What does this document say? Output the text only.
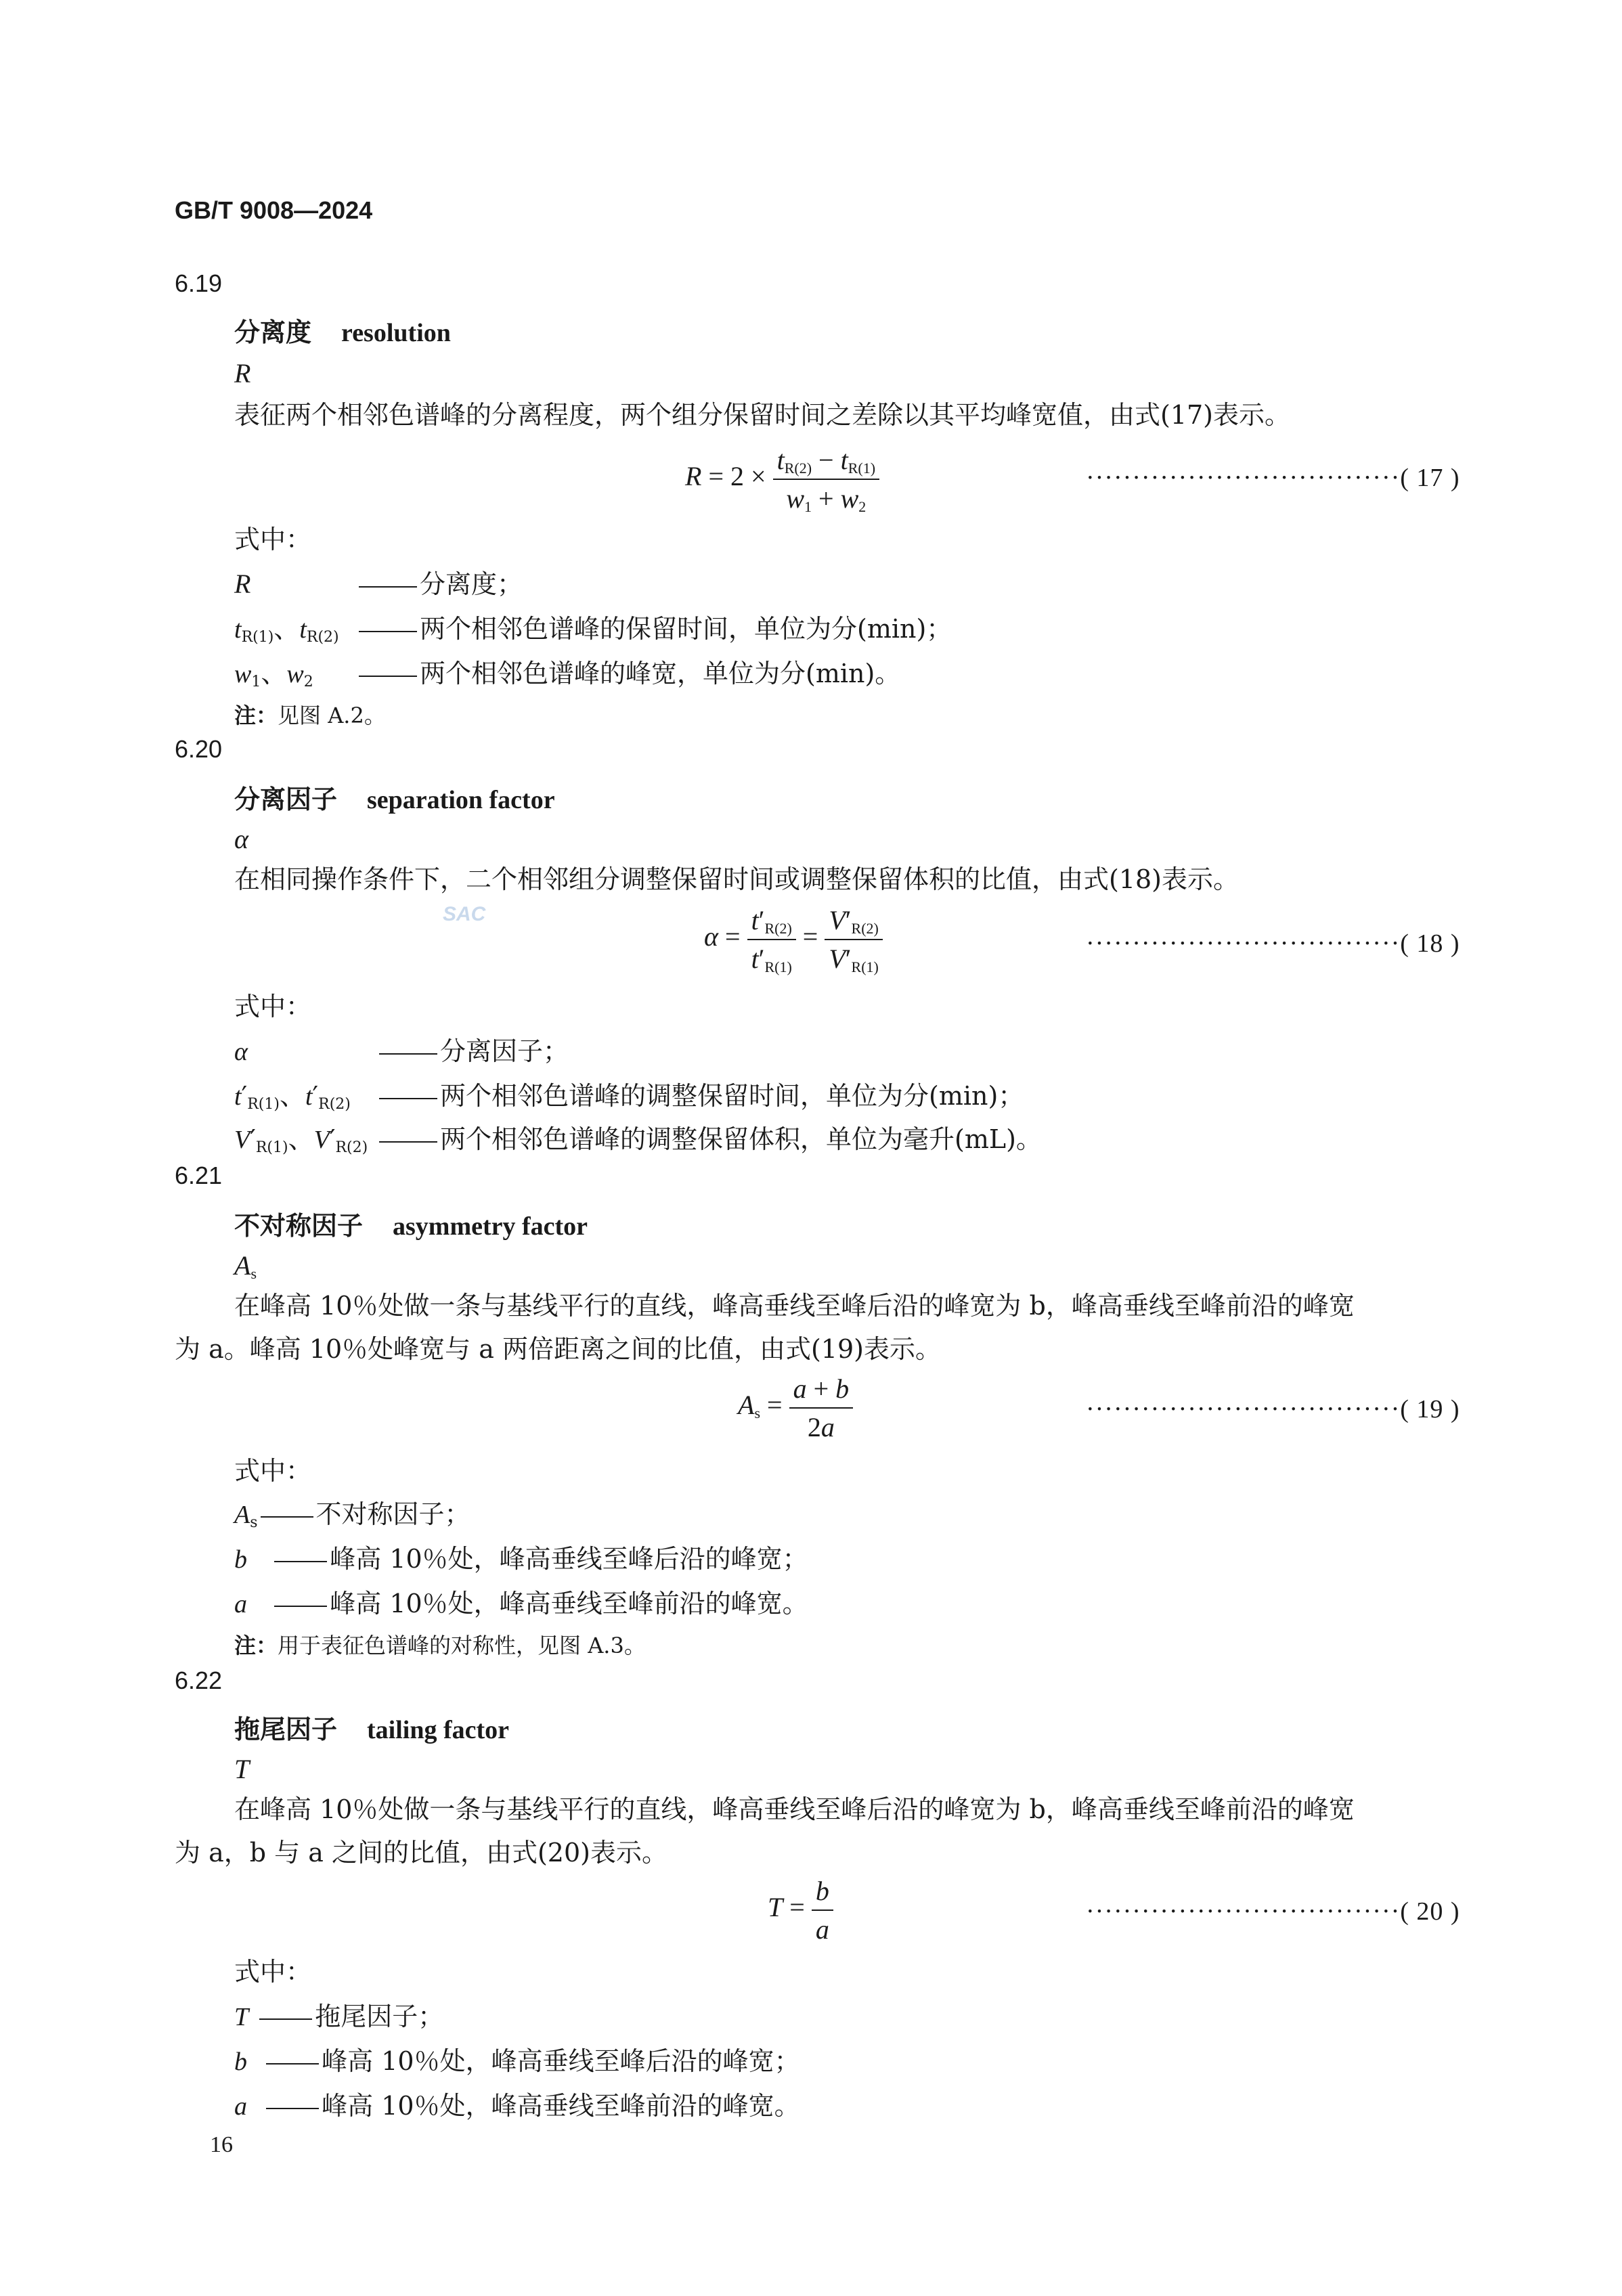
GB/T 9008—2024
6.19
分离度 resolution
R
表征两个相邻色谱峰的分离程度，两个组分保留时间之差除以其平均峰宽值，由式(17)表示。
$R = 2 \times \frac{t_{R(2)} - t_{R(1)}}{w_1 + w_2}$	··································( 17 )
式中：
R	分离度；
$t_{R(1)}$、$t_{R(2)}$	两个相邻色谱峰的保留时间，单位为分(min)；
$w_1$、$w_2$	两个相邻色谱峰的峰宽，单位为分(min)。
注：见图 A.2。
6.20
分离因子 separation factor
α
在相同操作条件下，二个相邻组分调整保留时间或调整保留体积的比值，由式(18)表示。
SAC
$\alpha = \frac{t'_{R(2)}}{t'_{R(1)}} = \frac{V'_{R(2)}}{V'_{R(1)}}$	··································( 18 )
式中：
α	分离因子；
$t'_{R(1)}$、$t'_{R(2)}$	两个相邻色谱峰的调整保留时间，单位为分(min)；
$V'_{R(1)}$、$V'_{R(2)}$	两个相邻色谱峰的调整保留体积，单位为毫升(mL)。
6.21
不对称因子 asymmetry factor
$A_s$
在峰高 10％处做一条与基线平行的直线，峰高垂线至峰后沿的峰宽为 b，峰高垂线至峰前沿的峰宽
为 a。峰高 10％处峰宽与 a 两倍距离之间的比值，由式(19)表示。
$A_s = \frac{a + b}{2a}$	··································( 19 )
式中：
$A_s$ 不对称因子；
b	峰高 10％处，峰高垂线至峰后沿的峰宽；
a	峰高 10％处，峰高垂线至峰前沿的峰宽。
注：用于表征色谱峰的对称性，见图 A.3。
6.22
拖尾因子 tailing factor
T
在峰高 10％处做一条与基线平行的直线，峰高垂线至峰后沿的峰宽为 b，峰高垂线至峰前沿的峰宽
为 a，b 与 a 之间的比值，由式(20)表示。
$T = \frac{b}{a}$	··································( 20 )
式中：
T	拖尾因子；
b	峰高 10％处，峰高垂线至峰后沿的峰宽；
a	峰高 10％处，峰高垂线至峰前沿的峰宽。
16
